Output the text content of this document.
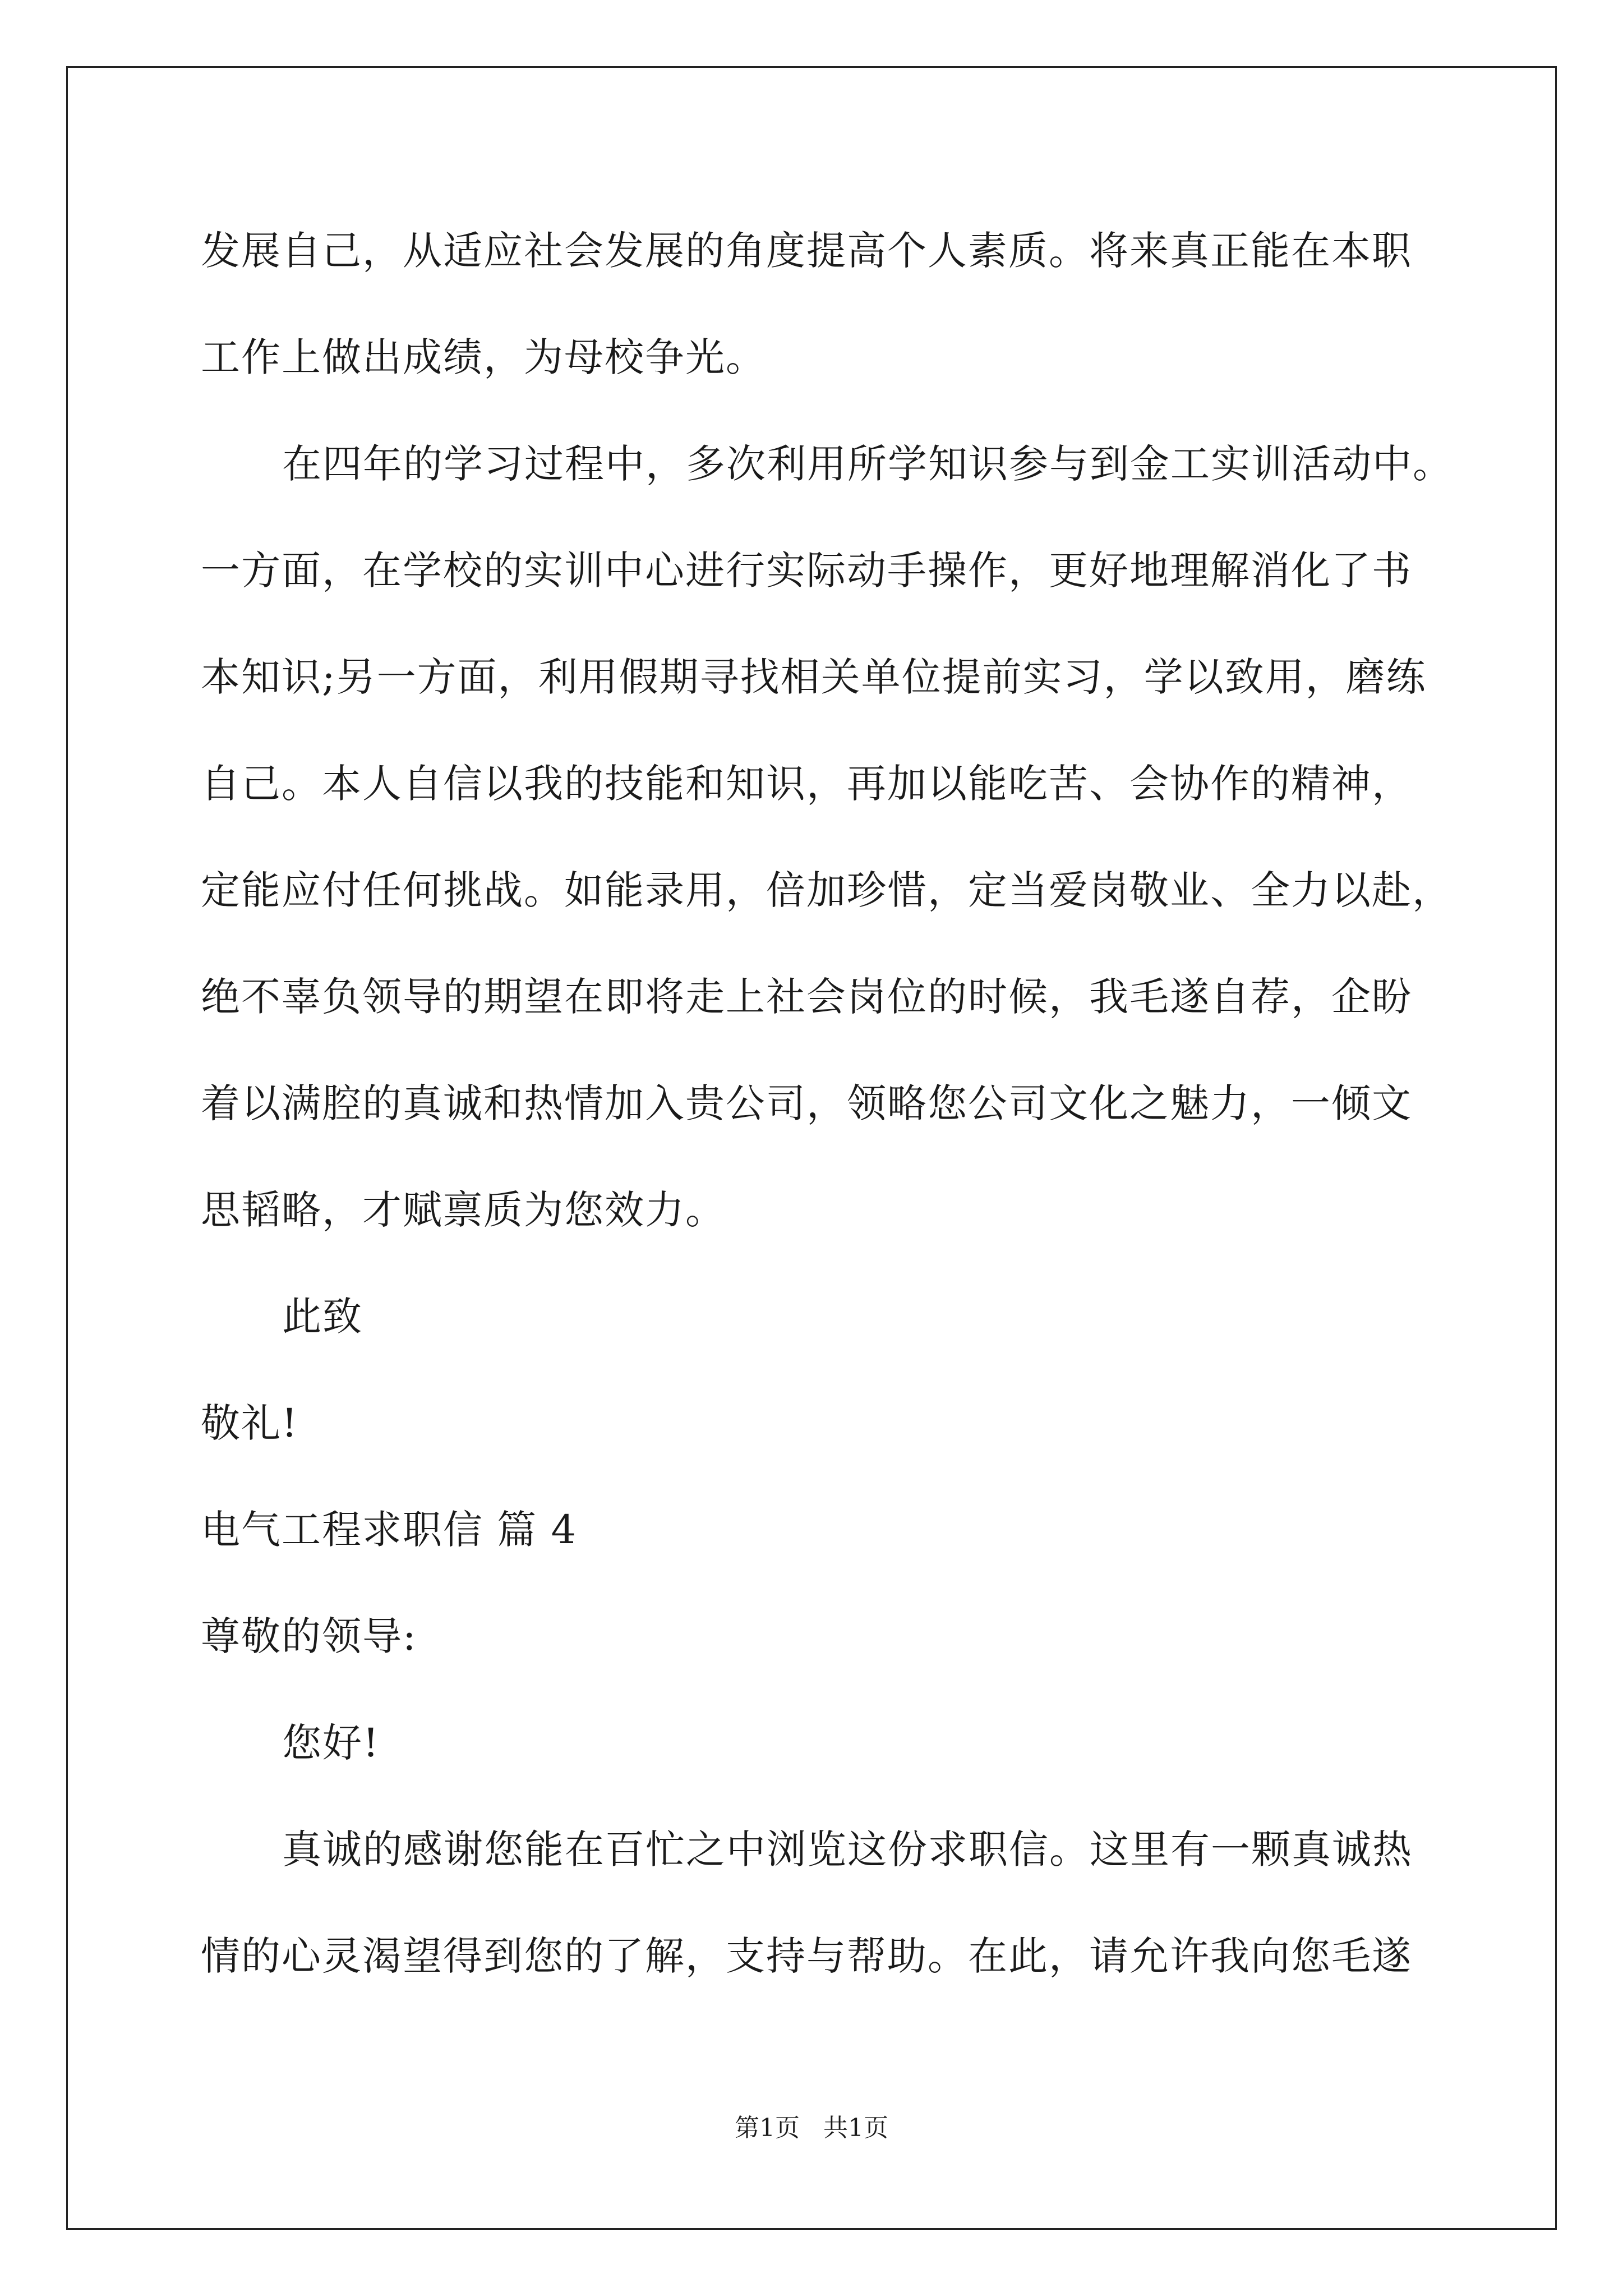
发展自己，从适应社会发展的角度提高个人素质。将来真正能在本职
工作上做出成绩，为母校争光。
在四年的学习过程中，多次利用所学知识参与到金工实训活动中。
一方面，在学校的实训中心进行实际动手操作，更好地理解消化了书
本知识;另一方面，利用假期寻找相关单位提前实习，学以致用，磨练
自己。本人自信以我的技能和知识，再加以能吃苦、会协作的精神，
定能应付任何挑战。如能录用，倍加珍惜，定当爱岗敬业、全力以赴，
绝不辜负领导的期望在即将走上社会岗位的时候，我毛遂自荐，企盼
着以满腔的真诚和热情加入贵公司，领略您公司文化之魅力，一倾文
思韬略，才赋禀质为您效力。
此致
敬礼!
电气工程求职信 篇 4
尊敬的领导:
您好!
真诚的感谢您能在百忙之中浏览这份求职信。这里有一颗真诚热
情的心灵渴望得到您的了解，支持与帮助。在此，请允许我向您毛遂
第1页   共1页
